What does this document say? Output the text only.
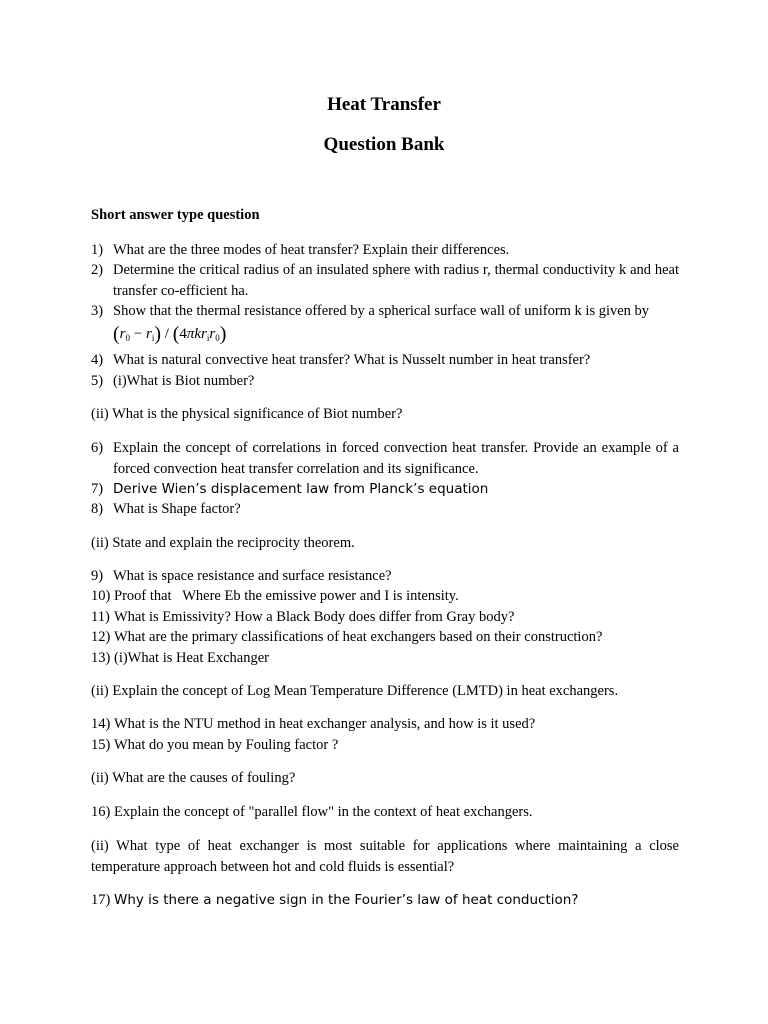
Heat Transfer
Question Bank
Short answer type question
1) What are the three modes of heat transfer? Explain their differences.
2) Determine the critical radius of an insulated sphere with radius r, thermal conductivity k and heat transfer co-efficient ha.
3) Show that the thermal resistance offered by a spherical surface wall of uniform k is given by
$(r_0 - r_i) / (4\pi kr_ir_0)$
4) What is natural convective heat transfer? What is Nusselt number in heat transfer?
5) (i)What is Biot number?
(ii) What is the physical significance of Biot number?
6) Explain the concept of correlations in forced convection heat transfer. Provide an example of a forced convection heat transfer correlation and its significance.
7) Derive Wien’s displacement law from Planck’s equation
8) What is Shape factor?
(ii) State and explain the reciprocity theorem.
9) What is space resistance and surface resistance?
10) Proof that   Where Eb the emissive power and I is intensity.
11) What is Emissivity? How a Black Body does differ from Gray body?
12) What are the primary classifications of heat exchangers based on their construction?
13) (i)What is Heat Exchanger
(ii) Explain the concept of Log Mean Temperature Difference (LMTD) in heat exchangers.
14) What is the NTU method in heat exchanger analysis, and how is it used?
15) What do you mean by Fouling factor ?
(ii) What are the causes of fouling?
16) Explain the concept of "parallel flow" in the context of heat exchangers.
(ii) What type of heat exchanger is most suitable for applications where maintaining a close temperature approach between hot and cold fluids is essential?
17) Why is there a negative sign in the Fourier’s law of heat conduction?
